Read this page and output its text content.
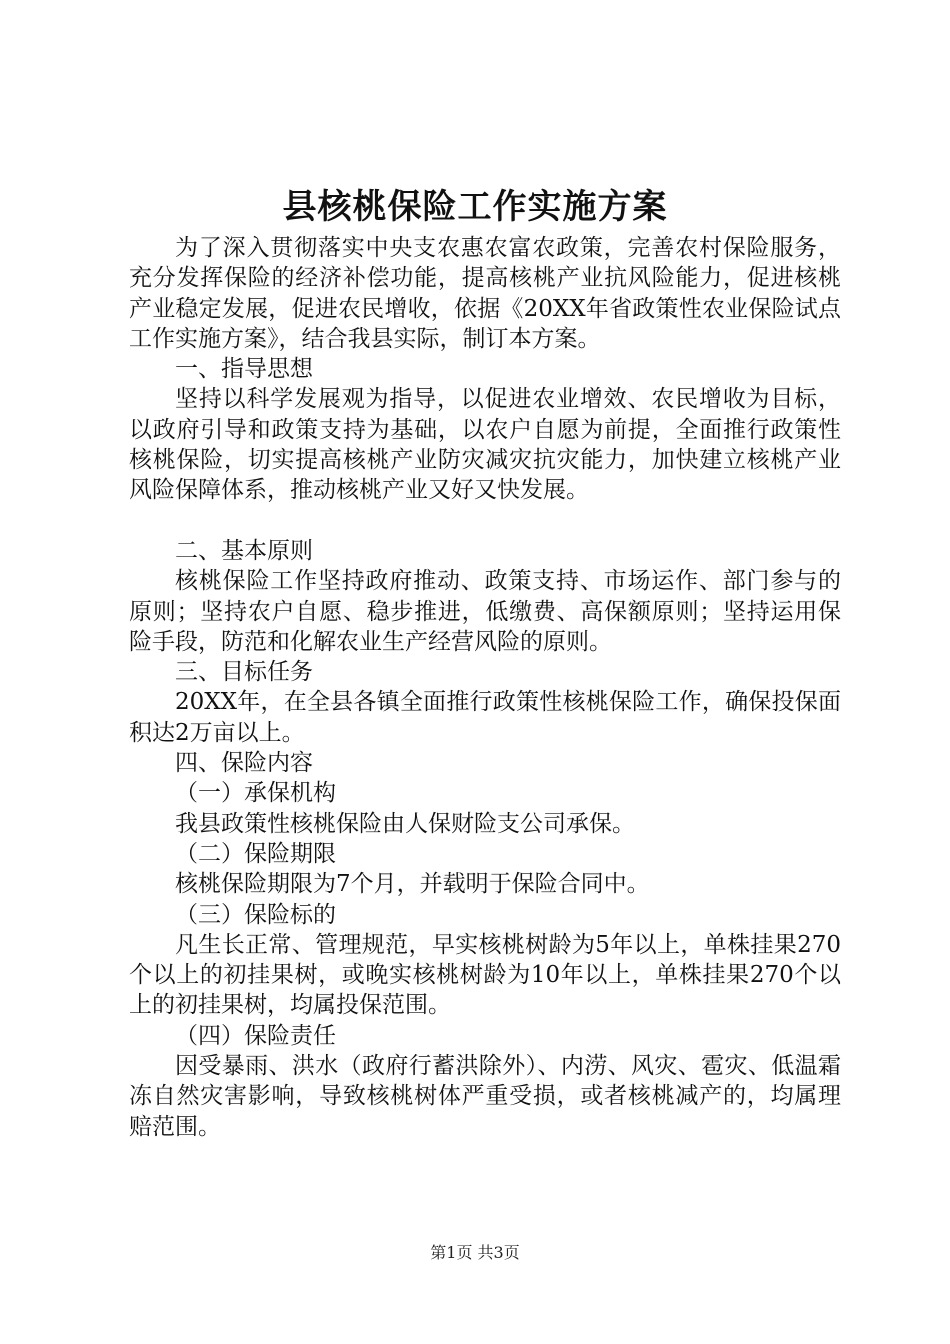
县核桃保险工作实施方案

为了深入贯彻落实中央支农惠农富农政策，完善农村保险服务，充分发挥保险的经济补偿功能，提高核桃产业抗风险能力，促进核桃产业稳定发展，促进农民增收，依据《20XX年省政策性农业保险试点工作实施方案》，结合我县实际，制订本方案。

一、指导思想

坚持以科学发展观为指导，以促进农业增效、农民增收为目标，以政府引导和政策支持为基础，以农户自愿为前提，全面推行政策性核桃保险，切实提高核桃产业防灾减灾抗灾能力，加快建立核桃产业风险保障体系，推动核桃产业又好又快发展。

二、基本原则

核桃保险工作坚持政府推动、政策支持、市场运作、部门参与的原则；坚持农户自愿、稳步推进，低缴费、高保额原则；坚持运用保险手段，防范和化解农业生产经营风险的原则。

三、目标任务

20XX年，在全县各镇全面推行政策性核桃保险工作，确保投保面积达2万亩以上。

四、保险内容

（一）承保机构

我县政策性核桃保险由人保财险支公司承保。

（二）保险期限

核桃保险期限为7个月，并载明于保险合同中。

（三）保险标的

凡生长正常、管理规范，早实核桃树龄为5年以上，单株挂果270个以上的初挂果树，或晚实核桃树龄为10年以上，单株挂果270个以上的初挂果树，均属投保范围。

（四）保险责任

因受暴雨、洪水（政府行蓄洪除外）、内涝、风灾、雹灾、低温霜冻自然灾害影响，导致核桃树体严重受损，或者核桃减产的，均属理赔范围。

第1页 共3页
